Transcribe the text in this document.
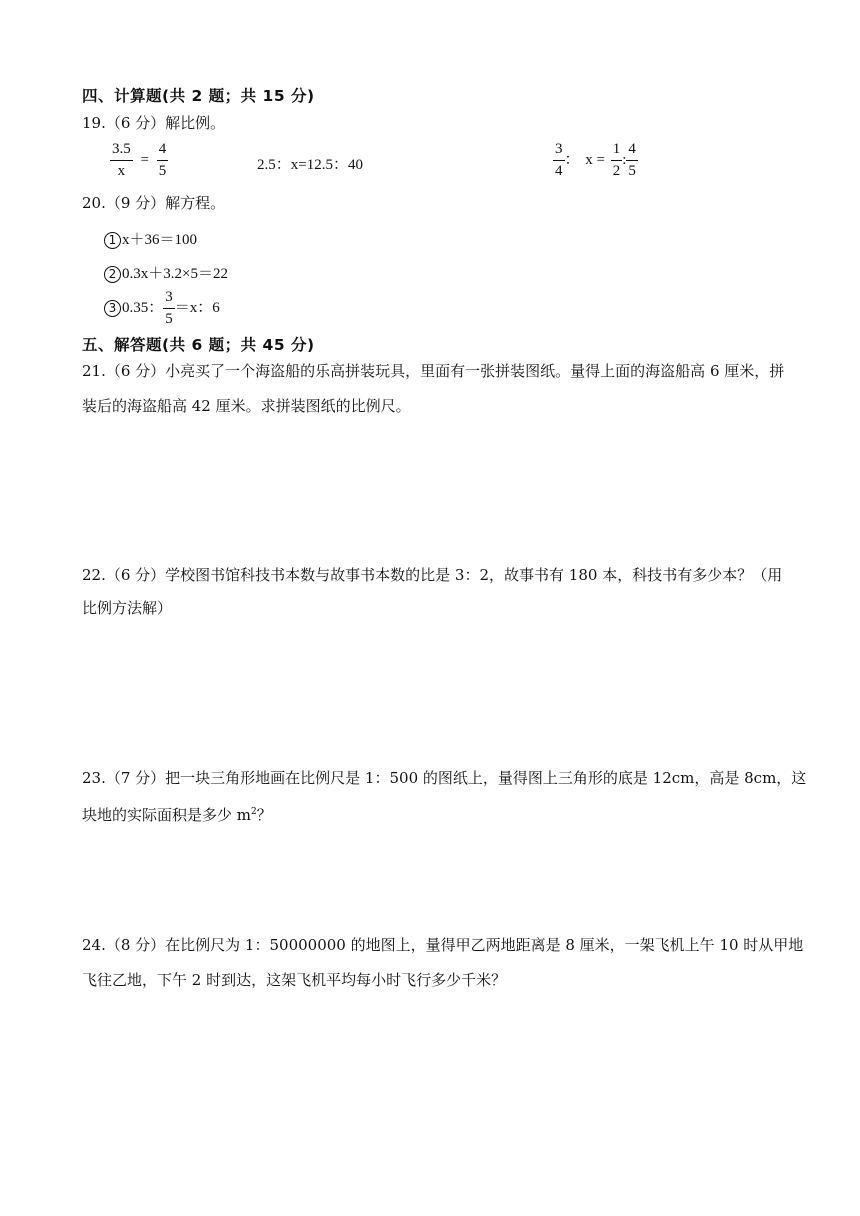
四、计算题(共 2 题；共 15 分)
19.（6 分）解比例。
$\frac{3.5}{x} = \frac{4}{5}$	2.5：x=12.5：40	$\frac{3}{4}$ ： $x = \frac{1}{2}$ : $\frac{4}{5}$
20.（9 分）解方程。
1 x＋36＝100
2 0.3x＋3.2×5＝22
3 0.35： $\frac{3}{5} =x$：6
五、解答题(共 6 题；共 45 分)
21.（6 分）小亮买了一个海盗船的乐高拼装玩具，里面有一张拼装图纸。量得上面的海盗船高 6 厘米，拼
装后的海盗船高 42 厘米。求拼装图纸的比例尺。
22.（6 分）学校图书馆科技书本数与故事书本数的比是 3：2，故事书有 180 本，科技书有多少本？（用
比例方法解）
23.（7 分）把一块三角形地画在比例尺是 1：500 的图纸上，量得图上三角形的底是 12cm，高是 8cm，这
块地的实际面积是多少 $m^2$？
24.（8 分）在比例尺为 1：50000000 的地图上，量得甲乙两地距离是 8 厘米，一架飞机上午 10 时从甲地
飞往乙地，下午 2 时到达，这架飞机平均每小时飞行多少千米？
